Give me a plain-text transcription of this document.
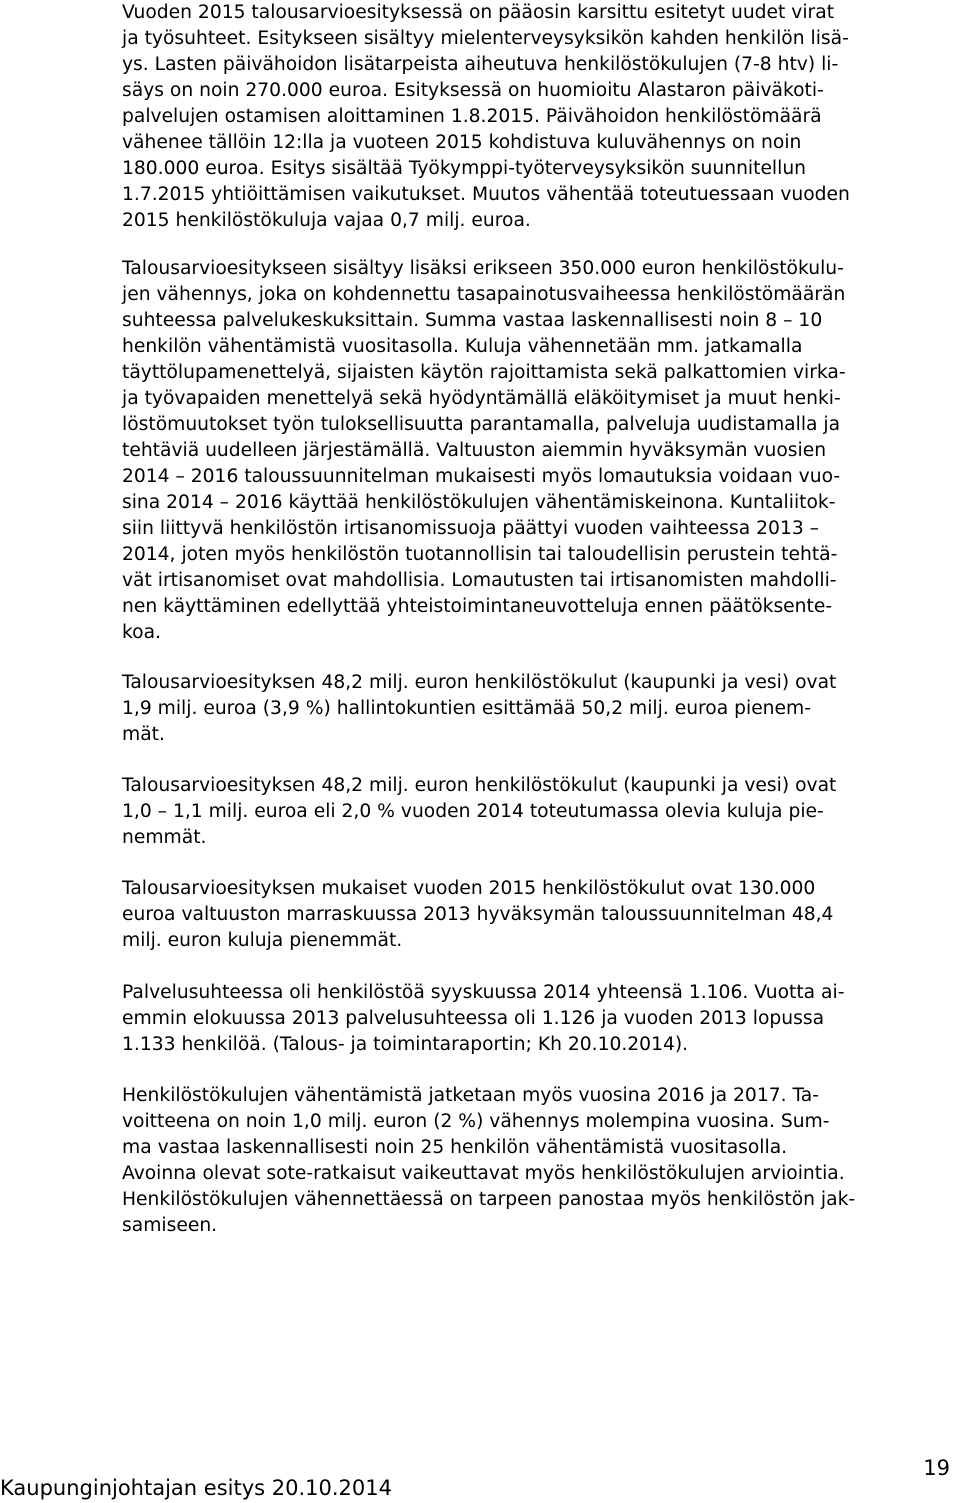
Vuoden 2015 talousarvioesityksessä on pääosin karsittu esitetyt uudet virat
ja työsuhteet. Esitykseen sisältyy mielenterveysyksikön kahden henkilön lisä-
ys. Lasten päivähoidon lisätarpeista aiheutuva henkilöstökulujen (7-8 htv) li-
säys on noin 270.000 euroa. Esityksessä on huomioitu Alastaron päiväkoti-
palvelujen ostamisen aloittaminen 1.8.2015. Päivähoidon henkilöstömäärä
vähenee tällöin 12:lla ja vuoteen 2015 kohdistuva kuluvähennys on noin
180.000 euroa. Esitys sisältää Työkymppi-työterveysyksikön suunnitellun
1.7.2015 yhtiöittämisen vaikutukset. Muutos vähentää toteutuessaan vuoden
2015 henkilöstökuluja vajaa 0,7 milj. euroa.

Talousarvioesitykseen sisältyy lisäksi erikseen 350.000 euron henkilöstökulu-
jen vähennys, joka on kohdennettu tasapainotusvaiheessa henkilöstömäärän
suhteessa palvelukeskuksittain. Summa vastaa laskennallisesti noin 8 – 10
henkilön vähentämistä vuositasolla. Kuluja vähennetään mm. jatkamalla
täyttölupamenettelyä, sijaisten käytön rajoittamista sekä palkattomien virka-
ja työvapaiden menettelyä sekä hyödyntämällä eläköitymiset ja muut henki-
löstömuutokset työn tuloksellisuutta parantamalla, palveluja uudistamalla ja
tehtäviä uudelleen järjestämällä. Valtuuston aiemmin hyväksymän vuosien
2014 – 2016 taloussuunnitelman mukaisesti myös lomautuksia voidaan vuo-
sina 2014 – 2016 käyttää henkilöstökulujen vähentämiskeinona. Kuntaliitok-
siin liittyvä henkilöstön irtisanomissuoja päättyi vuoden vaihteessa 2013 –
2014, joten myös henkilöstön tuotannollisin tai taloudellisin perustein tehtä-
vät irtisanomiset ovat mahdollisia. Lomautusten tai irtisanomisten mahdolli-
nen käyttäminen edellyttää yhteistoimintaneuvotteluja ennen päätöksente-
koa.

Talousarvioesityksen 48,2 milj. euron henkilöstökulut (kaupunki ja vesi) ovat
1,9 milj. euroa (3,9 %) hallintokuntien esittämää 50,2 milj. euroa pienem-
mät.

Talousarvioesityksen 48,2 milj. euron henkilöstökulut (kaupunki ja vesi) ovat
1,0 – 1,1 milj. euroa eli 2,0 % vuoden 2014 toteutumassa olevia kuluja pie-
nemmät.

Talousarvioesityksen mukaiset vuoden 2015 henkilöstökulut ovat 130.000
euroa valtuuston marraskuussa 2013 hyväksymän taloussuunnitelman 48,4
milj. euron kuluja pienemmät.

Palvelusuhteessa oli henkilöstöä syyskuussa 2014 yhteensä 1.106. Vuotta ai-
emmin elokuussa 2013 palvelusuhteessa oli 1.126 ja vuoden 2013 lopussa
1.133 henkilöä. (Talous- ja toimintaraportin; Kh 20.10.2014).

Henkilöstökulujen vähentämistä jatketaan myös vuosina 2016 ja 2017. Ta-
voitteena on noin 1,0 milj. euron (2 %) vähennys molempina vuosina. Sum-
ma vastaa laskennallisesti noin 25 henkilön vähentämistä vuositasolla.
Avoinna olevat sote-ratkaisut vaikeuttavat myös henkilöstökulujen arviointia.
Henkilöstökulujen vähennettäessä on tarpeen panostaa myös henkilöstön jak-
samiseen.

Kaupunginjohtajan esitys 20.10.2014
19
